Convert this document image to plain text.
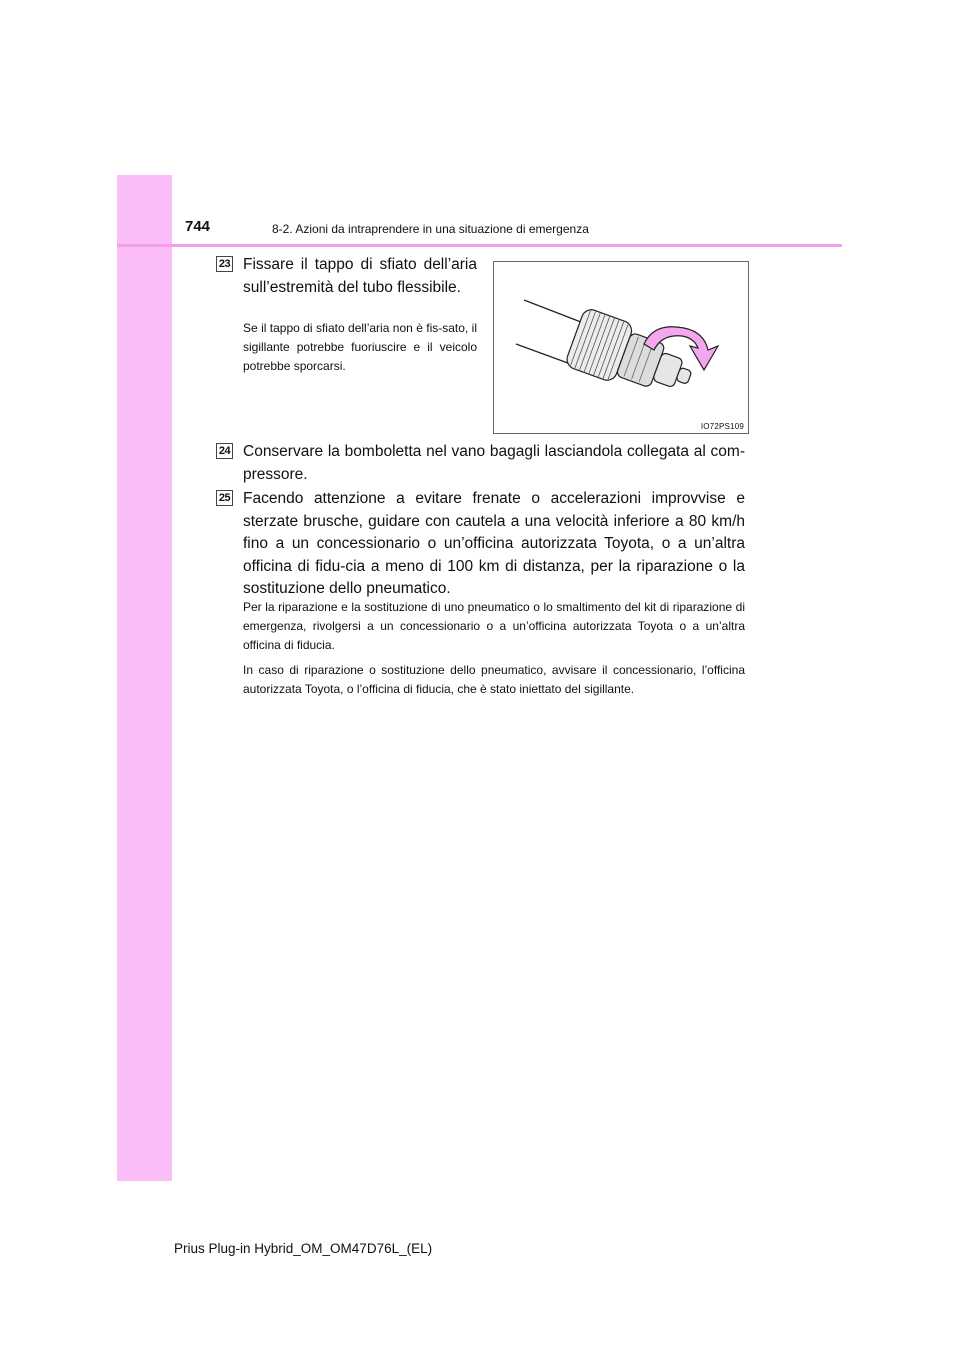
744	8-2. Azioni da intraprendere in una situazione di emergenza
23 Fissare il tappo di sfiato dell’aria sull’estremità del tubo flessibile.
Se il tappo di sfiato dell’aria non è fis-sato, il sigillante potrebbe fuoriuscire e il veicolo potrebbe sporcarsi.
IO72PS109
24 Conservare la bomboletta nel vano bagagli lasciandola collegata al com-pressore.
25 Facendo attenzione a evitare frenate o accelerazioni improvvise e sterzate brusche, guidare con cautela a una velocità inferiore a 80 km/h fino a un concessionario o un’officina autorizzata Toyota, o a un’altra officina di fidu-cia a meno di 100 km di distanza, per la riparazione o la sostituzione dello pneumatico.
Per la riparazione e la sostituzione di uno pneumatico o lo smaltimento del kit di riparazione di emergenza, rivolgersi a un concessionario o a un’officina autorizzata Toyota o a un’altra officina di fiducia.
In caso di riparazione o sostituzione dello pneumatico, avvisare il concessionario, l’officina autorizzata Toyota, o l’officina di fiducia, che è stato iniettato del sigillante.
Prius Plug-in Hybrid_OM_OM47D76L_(EL)
